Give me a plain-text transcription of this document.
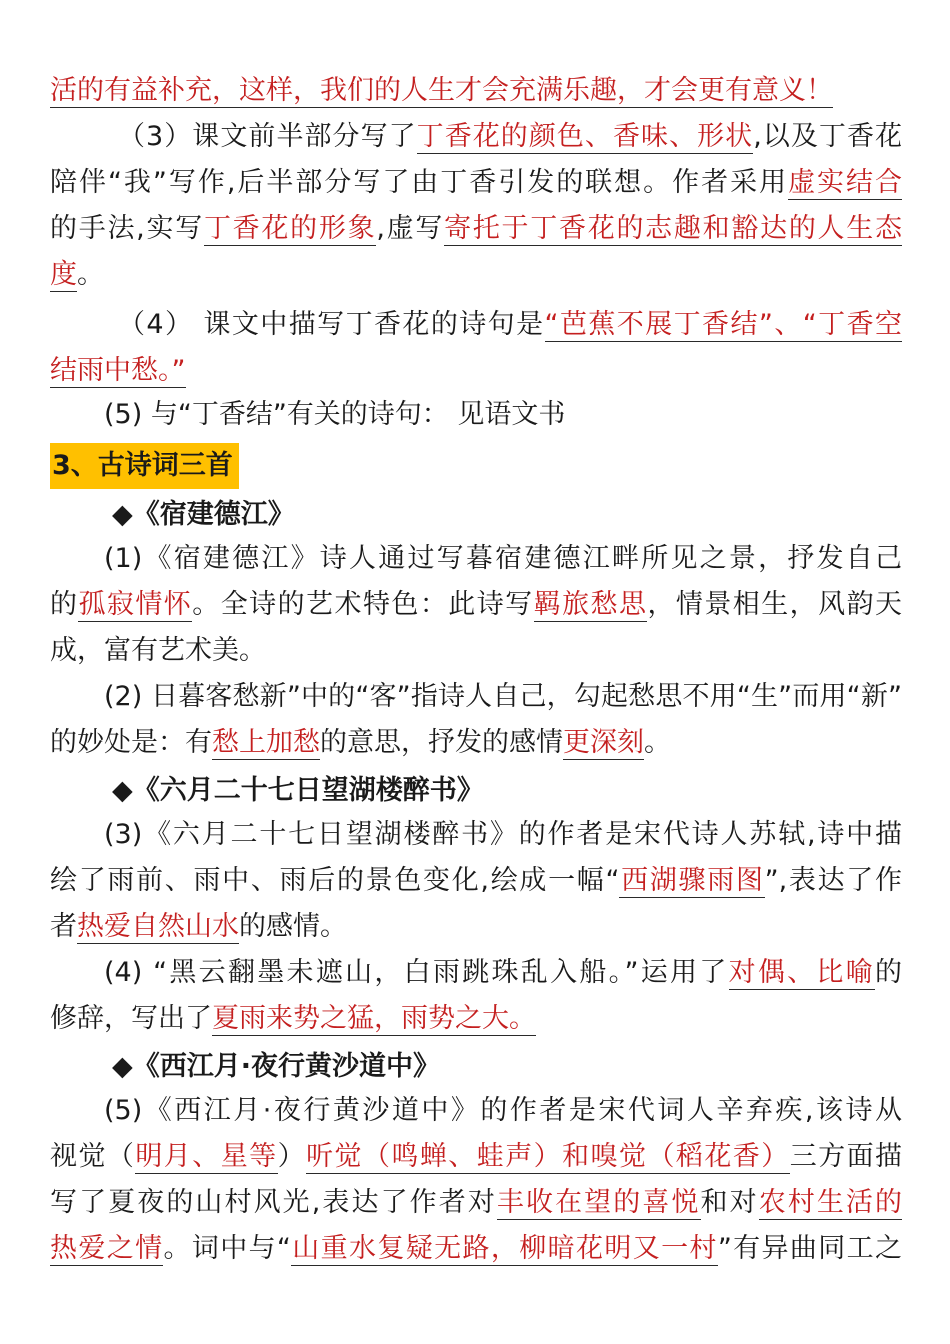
活的有益补充，这样，我们的人生才会充满乐趣，才会更有意义！
（3）课文前半部分写了丁香花的颜色、香味、形状,以及丁香花
陪伴“我”写作,后半部分写了由丁香引发的联想。作者采用虚实结合
的手法,实写丁香花的形象,虚写寄托于丁香花的志趣和豁达的人生态
度。
（4） 课文中描写丁香花的诗句是“芭蕉不展丁香结”、“丁香空
结雨中愁。”
(5) 与“丁香结”有关的诗句： 见语文书
◆《宿建德江》
(1)《宿建德江》诗人通过写暮宿建德江畔所见之景，抒发自己
的孤寂情怀。全诗的艺术特色：此诗写羁旅愁思，情景相生，风韵天
成，富有艺术美。
(2) 日暮客愁新”中的“客”指诗人自己，勾起愁思不用“生”而用“新”
的妙处是：有愁上加愁的意思，抒发的感情更深刻。
◆《六月二十七日望湖楼醉书》
(3)《六月二十七日望湖楼醉书》的作者是宋代诗人苏轼,诗中描
绘了雨前、雨中、雨后的景色变化,绘成一幅“西湖骤雨图”,表达了作
者热爱自然山水的感情。
(4) “黑云翻墨未遮山，白雨跳珠乱入船。”运用了对偶、比喻的
修辞，写出了夏雨来势之猛，雨势之大。
◆《西江月·夜行黄沙道中》
(5)《西江月·夜行黄沙道中》的作者是宋代词人辛弃疾,该诗从
视觉（明月、星等）听觉（鸣蝉、蛙声）和嗅觉（稻花香）三方面描
写了夏夜的山村风光,表达了作者对丰收在望的喜悦和对农村生活的
热爱之情。词中与“山重水复疑无路，柳暗花明又一村”有异曲同工之
3、古诗词三首
